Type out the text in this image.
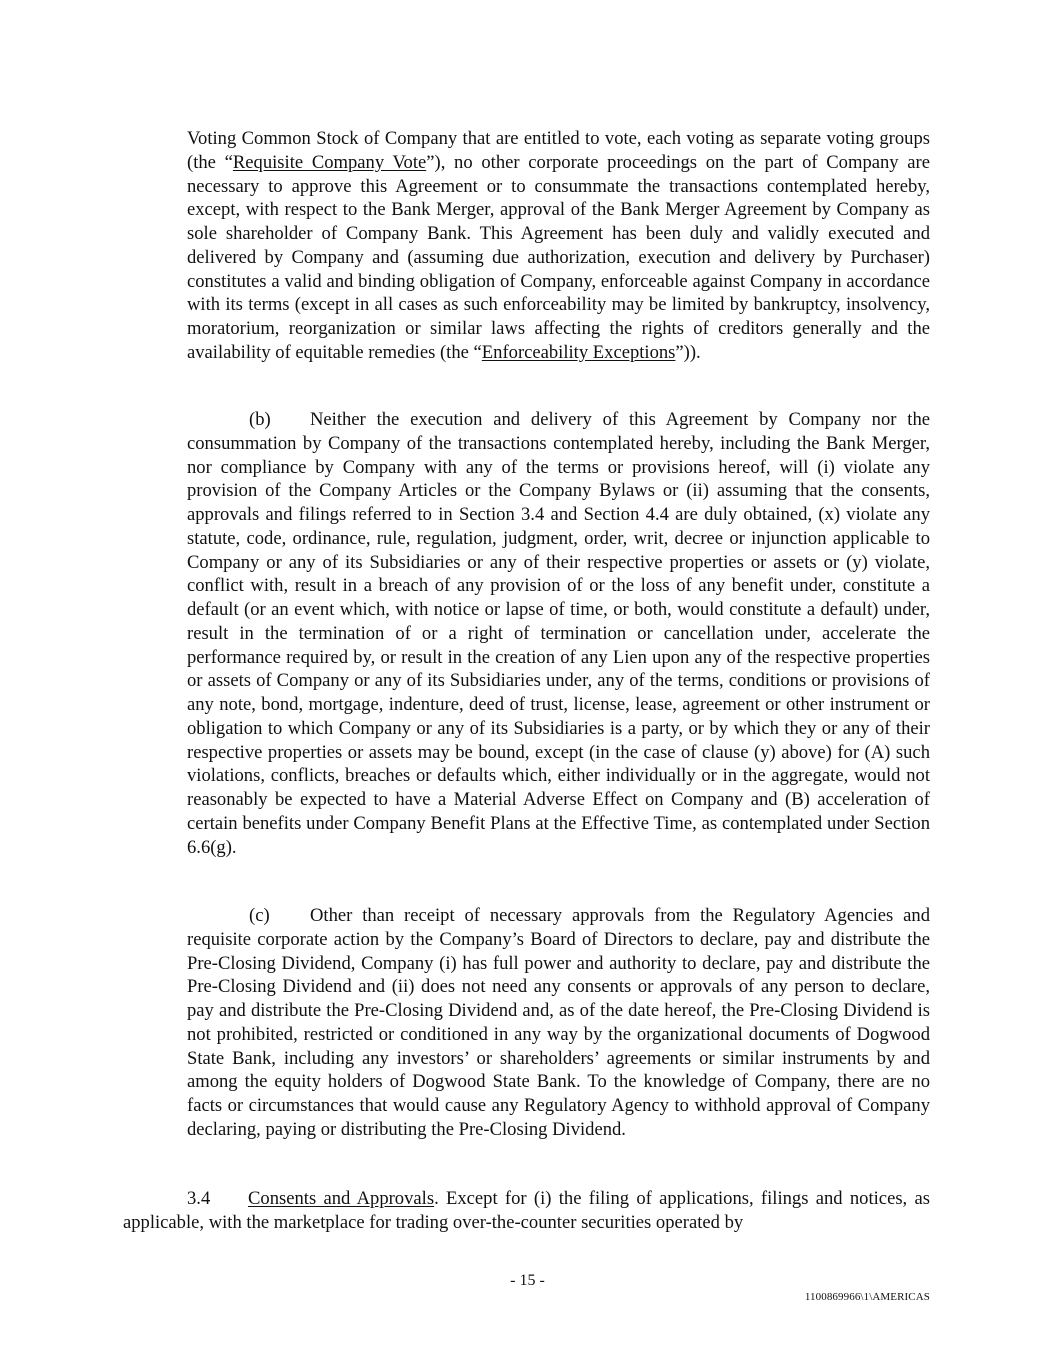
Voting Common Stock of Company that are entitled to vote, each voting as separate voting groups (the “Requisite Company Vote”), no other corporate proceedings on the part of Company are necessary to approve this Agreement or to consummate the transactions contemplated hereby, except, with respect to the Bank Merger, approval of the Bank Merger Agreement by Company as sole shareholder of Company Bank. This Agreement has been duly and validly executed and delivered by Company and (assuming due authorization, execution and delivery by Purchaser) constitutes a valid and binding obligation of Company, enforceable against Company in accordance with its terms (except in all cases as such enforceability may be limited by bankruptcy, insolvency, moratorium, reorganization or similar laws affecting the rights of creditors generally and the availability of equitable remedies (the “Enforceability Exceptions”)).

(b) Neither the execution and delivery of this Agreement by Company nor the consummation by Company of the transactions contemplated hereby, including the Bank Merger, nor compliance by Company with any of the terms or provisions hereof, will (i) violate any provision of the Company Articles or the Company Bylaws or (ii) assuming that the consents, approvals and filings referred to in Section 3.4 and Section 4.4 are duly obtained, (x) violate any statute, code, ordinance, rule, regulation, judgment, order, writ, decree or injunction applicable to Company or any of its Subsidiaries or any of their respective properties or assets or (y) violate, conflict with, result in a breach of any provision of or the loss of any benefit under, constitute a default (or an event which, with notice or lapse of time, or both, would constitute a default) under, result in the termination of or a right of termination or cancellation under, accelerate the performance required by, or result in the creation of any Lien upon any of the respective properties or assets of Company or any of its Subsidiaries under, any of the terms, conditions or provisions of any note, bond, mortgage, indenture, deed of trust, license, lease, agreement or other instrument or obligation to which Company or any of its Subsidiaries is a party, or by which they or any of their respective properties or assets may be bound, except (in the case of clause (y) above) for (A) such violations, conflicts, breaches or defaults which, either individually or in the aggregate, would not reasonably be expected to have a Material Adverse Effect on Company and (B) acceleration of certain benefits under Company Benefit Plans at the Effective Time, as contemplated under Section 6.6(g).

(c) Other than receipt of necessary approvals from the Regulatory Agencies and requisite corporate action by the Company’s Board of Directors to declare, pay and distribute the Pre-Closing Dividend, Company (i) has full power and authority to declare, pay and distribute the Pre-Closing Dividend and (ii) does not need any consents or approvals of any person to declare, pay and distribute the Pre-Closing Dividend and, as of the date hereof, the Pre-Closing Dividend is not prohibited, restricted or conditioned in any way by the organizational documents of Dogwood State Bank, including any investors’ or shareholders’ agreements or similar instruments by and among the equity holders of Dogwood State Bank. To the knowledge of Company, there are no facts or circumstances that would cause any Regulatory Agency to withhold approval of Company declaring, paying or distributing the Pre-Closing Dividend.

3.4 Consents and Approvals. Except for (i) the filing of applications, filings and notices, as applicable, with the marketplace for trading over-the-counter securities operated by

- 15 -
1100869966\1\AMERICAS
